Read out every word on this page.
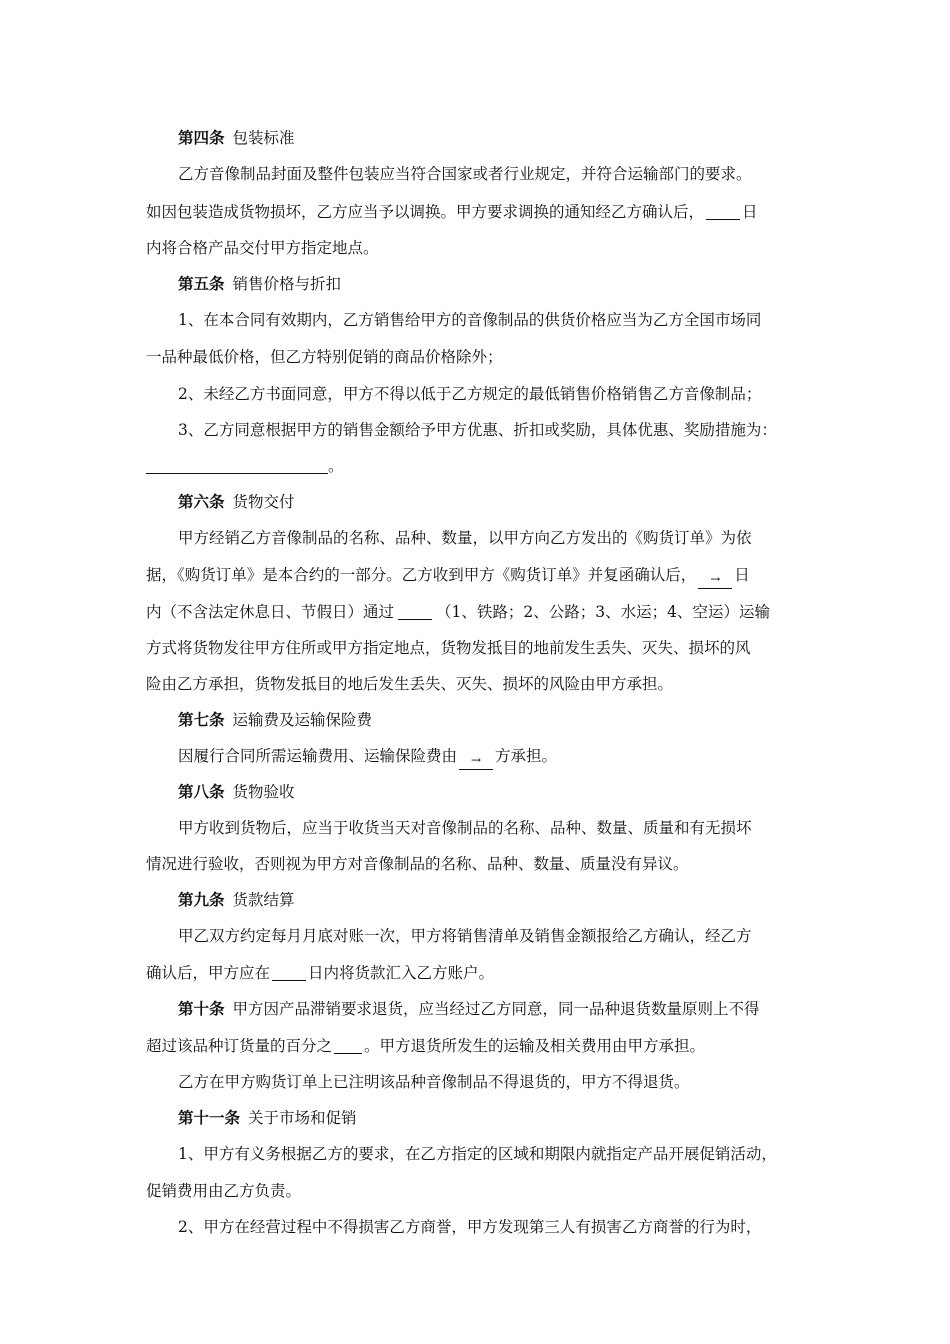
第四条 包装标准
乙方音像制品封面及整件包装应当符合国家或者行业规定，并符合运输部门的要求。
如因包装造成货物损坏，乙方应当予以调换。甲方要求调换的通知经乙方确认后， 日
内将合格产品交付甲方指定地点。
第五条 销售价格与折扣
1、在本合同有效期内，乙方销售给甲方的音像制品的供货价格应当为乙方全国市场同
一品种最低价格，但乙方特别促销的商品价格除外；
2、未经乙方书面同意，甲方不得以低于乙方规定的最低销售价格销售乙方音像制品；
3、乙方同意根据甲方的销售金额给予甲方优惠、折扣或奖励，具体优惠、奖励措施为：
。
第六条 货物交付
甲方经销乙方音像制品的名称、品种、数量，以甲方向乙方发出的《购货订单》为依
据，《购货订单》是本合约的一部分。乙方收到甲方《购货订单》并复函确认后， → 日
内（不含法定休息日、节假日）通过	（1、铁路；2、公路；3、水运；4、空运）运输
方式将货物发往甲方住所或甲方指定地点，货物发抵目的地前发生丢失、灭失、损坏的风
险由乙方承担，货物发抵目的地后发生丢失、灭失、损坏的风险由甲方承担。
第七条 运输费及运输保险费
因履行合同所需运输费用、运输保险费由 → 方承担。
第八条 货物验收
甲方收到货物后，应当于收货当天对音像制品的名称、品种、数量、质量和有无损坏
情况进行验收，否则视为甲方对音像制品的名称、品种、数量、质量没有异议。
第九条 货款结算
甲乙双方约定每月月底对账一次，甲方将销售清单及销售金额报给乙方确认，经乙方
确认后，甲方应在 日内将货款汇入乙方账户。
第十条 甲方因产品滞销要求退货，应当经过乙方同意，同一品种退货数量原则上不得
超过该品种订货量的百分之 。甲方退货所发生的运输及相关费用由甲方承担。
乙方在甲方购货订单上已注明该品种音像制品不得退货的，甲方不得退货。
第十一条 关于市场和促销
1、甲方有义务根据乙方的要求，在乙方指定的区域和期限内就指定产品开展促销活动，
促销费用由乙方负责。
2、甲方在经营过程中不得损害乙方商誉，甲方发现第三人有损害乙方商誉的行为时，
